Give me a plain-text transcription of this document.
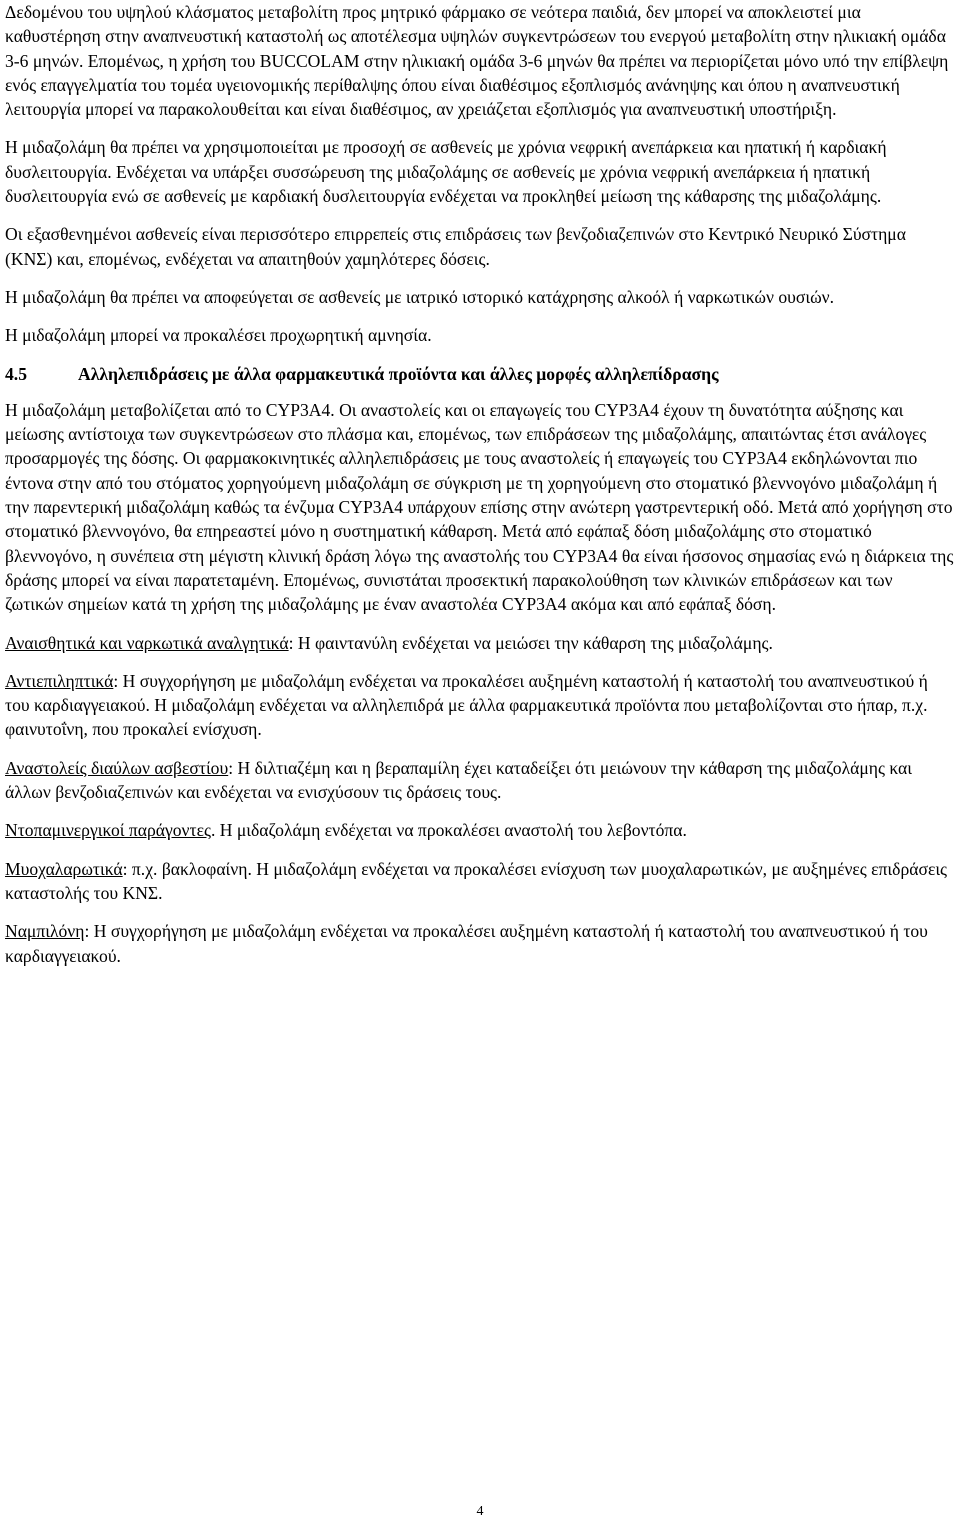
Δεδομένου του υψηλού κλάσματος μεταβολίτη προς μητρικό φάρμακο σε νεότερα παιδιά, δεν μπορεί να αποκλειστεί μια καθυστέρηση στην αναπνευστική καταστολή ως αποτέλεσμα υψηλών συγκεντρώσεων του ενεργού μεταβολίτη στην ηλικιακή ομάδα 3-6 μηνών. Επομένως, η χρήση του BUCCOLAM στην ηλικιακή ομάδα 3-6 μηνών θα πρέπει να περιορίζεται μόνο υπό την επίβλεψη ενός επαγγελματία του τομέα υγειονομικής περίθαλψης όπου είναι διαθέσιμος εξοπλισμός ανάνηψης και όπου η αναπνευστική λειτουργία μπορεί να παρακολουθείται και είναι διαθέσιμος, αν χρειάζεται εξοπλισμός για αναπνευστική υποστήριξη.

Η μιδαζολάμη θα πρέπει να χρησιμοποιείται με προσοχή σε ασθενείς με χρόνια νεφρική ανεπάρκεια και ηπατική ή καρδιακή δυσλειτουργία. Ενδέχεται να υπάρξει συσσώρευση της μιδαζολάμης σε ασθενείς με χρόνια νεφρική ανεπάρκεια ή ηπατική δυσλειτουργία ενώ σε ασθενείς με καρδιακή δυσλειτουργία ενδέχεται να προκληθεί μείωση της κάθαρσης της μιδαζολάμης.

Οι εξασθενημένοι ασθενείς είναι περισσότερο επιρρεπείς στις επιδράσεις των βενζοδιαζεπινών στο Κεντρικό Νευρικό Σύστημα (ΚΝΣ) και, επομένως, ενδέχεται να απαιτηθούν χαμηλότερες δόσεις.

Η μιδαζολάμη θα πρέπει να αποφεύγεται σε ασθενείς με ιατρικό ιστορικό κατάχρησης αλκοόλ ή ναρκωτικών ουσιών.

Η μιδαζολάμη μπορεί να προκαλέσει προχωρητική αμνησία.

4.5	Αλληλεπιδράσεις με άλλα φαρμακευτικά προϊόντα και άλλες μορφές αλληλεπίδρασης

Η μιδαζολάμη μεταβολίζεται από το CYP3A4. Οι αναστολείς και οι επαγωγείς του CYP3A4 έχουν τη δυνατότητα αύξησης και μείωσης αντίστοιχα των συγκεντρώσεων στο πλάσμα και, επομένως, των επιδράσεων της μιδαζολάμης, απαιτώντας έτσι ανάλογες προσαρμογές της δόσης. Οι φαρμακοκινητικές αλληλεπιδράσεις με τους αναστολείς ή επαγωγείς του CYP3A4 εκδηλώνονται πιο έντονα στην από του στόματος χορηγούμενη μιδαζολάμη σε σύγκριση με τη χορηγούμενη στο στοματικό βλεννογόνο μιδαζολάμη ή την παρεντερική μιδαζολάμη καθώς τα ένζυμα CYP3A4 υπάρχουν επίσης στην ανώτερη γαστρεντερική οδό. Μετά από χορήγηση στο στοματικό βλεννογόνο, θα επηρεαστεί μόνο η συστηματική κάθαρση. Μετά από εφάπαξ δόση μιδαζολάμης στο στοματικό βλεννογόνο, η συνέπεια στη μέγιστη κλινική δράση λόγω της αναστολής του CYP3A4 θα είναι ήσσονος σημασίας ενώ η διάρκεια της δράσης μπορεί να είναι παρατεταμένη. Επομένως, συνιστάται προσεκτική παρακολούθηση των κλινικών επιδράσεων και των ζωτικών σημείων κατά τη χρήση της μιδαζολάμης με έναν αναστολέα CYP3A4 ακόμα και από εφάπαξ δόση.

Αναισθητικά και ναρκωτικά αναλγητικά: Η φαιντανύλη ενδέχεται να μειώσει την κάθαρση της μιδαζολάμης.

Αντιεπιληπτικά: Η συγχορήγηση με μιδαζολάμη ενδέχεται να προκαλέσει αυξημένη καταστολή ή καταστολή του αναπνευστικού ή του καρδιαγγειακού. Η μιδαζολάμη ενδέχεται να αλληλεπιδρά με άλλα φαρμακευτικά προϊόντα που μεταβολίζονται στο ήπαρ, π.χ. φαινυτοΐνη, που προκαλεί ενίσχυση.

Αναστολείς διαύλων ασβεστίου: Η διλτιαζέμη και η βεραπαμίλη έχει καταδείξει ότι μειώνουν την κάθαρση της μιδαζολάμης και άλλων βενζοδιαζεπινών και ενδέχεται να ενισχύσουν τις δράσεις τους.

Ντοπαμινεργικοί παράγοντες. Η μιδαζολάμη ενδέχεται να προκαλέσει αναστολή του λεβοντόπα.

Μυοχαλαρωτικά: π.χ. βακλοφαίνη. Η μιδαζολάμη ενδέχεται να προκαλέσει ενίσχυση των μυοχαλαρωτικών, με αυξημένες επιδράσεις καταστολής του ΚΝΣ.

Ναμπιλόνη: Η συγχορήγηση με μιδαζολάμη ενδέχεται να προκαλέσει αυξημένη καταστολή ή καταστολή του αναπνευστικού ή του καρδιαγγειακού.

4
